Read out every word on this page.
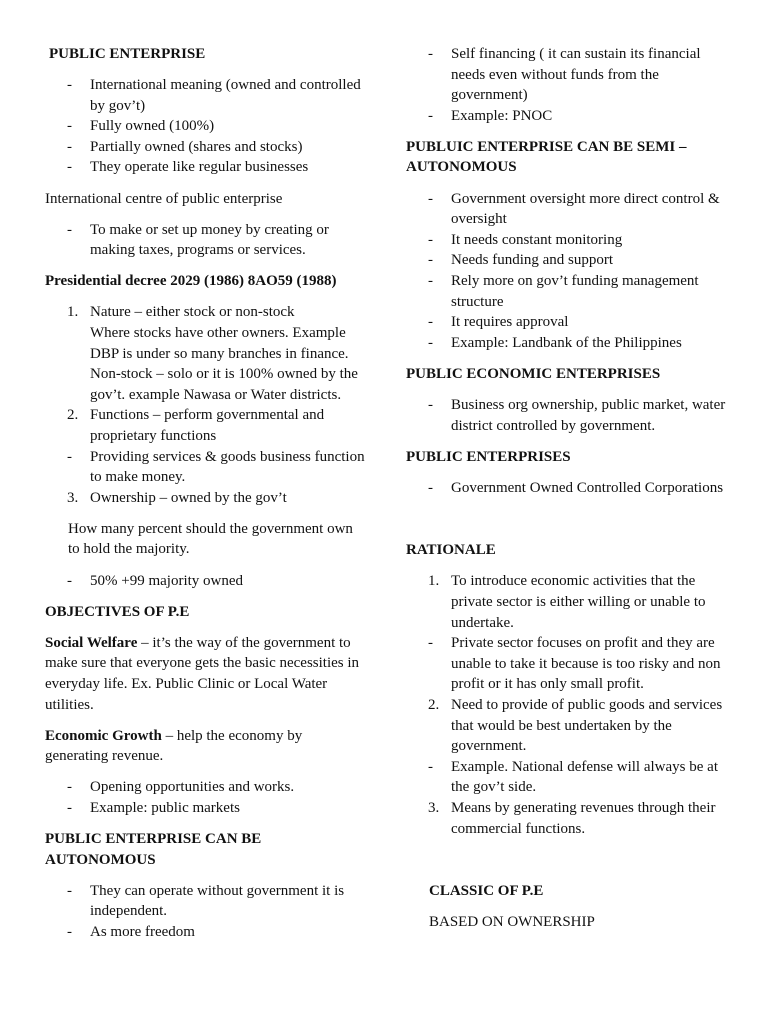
PUBLIC ENTERPRISE

- International meaning (owned and controlled by gov’t)
- Fully owned (100%)
- Partially owned (shares and stocks)
- They operate like regular businesses

International centre of public enterprise

- To make or set up money by creating or making taxes, programs or services.

Presidential decree 2029 (1986) 8AO59 (1988)

1. Nature – either stock or non-stock
Where stocks have other owners. Example DBP is under so many branches in finance. Non-stock – solo or it is 100% owned by the gov’t. example Nawasa or Water districts.
2. Functions – perform governmental and proprietary functions
- Providing services & goods business function to make money.
3. Ownership – owned by the gov’t

How many percent should the government own to hold the majority.

- 50% +99 majority owned

OBJECTIVES OF P.E

Social Welfare – it’s the way of the government to make sure that everyone gets the basic necessities in everyday life. Ex. Public Clinic or Local Water utilities.

Economic Growth – help the economy by generating revenue.

- Opening opportunities and works.
- Example: public markets

PUBLIC ENTERPRISE CAN BE AUTONOMOUS

- They can operate without government it is independent.
- As more freedom
- Self financing ( it can sustain its financial needs even without funds from the government)
- Example: PNOC

PUBLUIC ENTERPRISE CAN BE SEMI – AUTONOMOUS

- Government oversight more direct control & oversight
- It needs constant monitoring
- Needs funding and support
- Rely more on gov’t funding management structure
- It requires approval
- Example: Landbank of the Philippines

PUBLIC ECONOMIC ENTERPRISES

- Business org ownership, public market, water district controlled by government.

PUBLIC ENTERPRISES

- Government Owned Controlled Corporations

RATIONALE

1. To introduce economic activities that the private sector is either willing or unable to undertake.
- Private sector focuses on profit and they are unable to take it because is too risky and non profit or it has only small profit.
2. Need to provide of public goods and services that would be best undertaken by the government.
- Example. National defense will always be at the gov’t side.
3. Means by generating revenues through their commercial functions.

CLASSIC OF P.E

BASED ON OWNERSHIP
